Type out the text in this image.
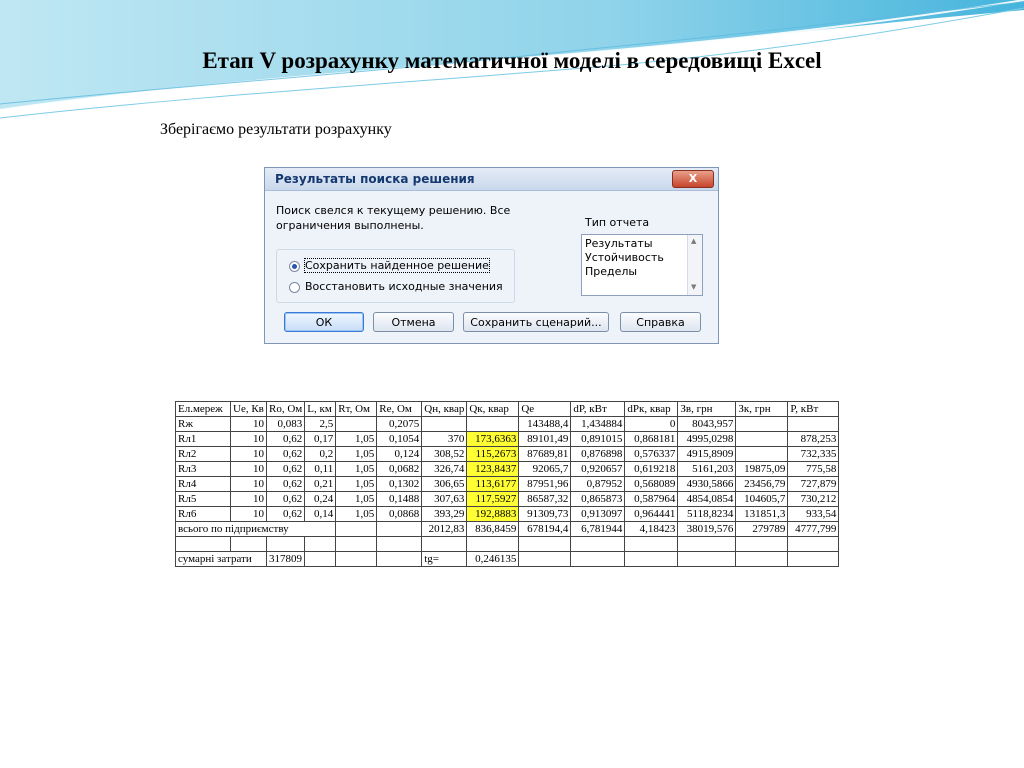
Етап V розрахунку математичної моделі в середовищі Excel
Зберігаємо результати розрахунку
Результаты поиска решения	X
Поиск свелся к текущему решению. Все ограничения выполнены.	Тип отчета
Результаты
Устойчивость
Пределы
▲
▼
Сохранить найденное решение
Восстановить исходные значения
ОК	Отмена	Сохранить сценарий...	Справка
Ел.мереж	Ue, Кв	Ro, Ом	L, км	Rт, Ом	Re, Ом	Qн, квар	Qк, квар	Qe	dP, кВт	dPк, квар	Зв, грн	Зк, грн	P, кВт
Rж	10	0,083	2,5		0,2075			143488,4	1,434884	0	8043,957		
Rл1	10	0,62	0,17	1,05	0,1054	370	173,6363	89101,49	0,891015	0,868181	4995,0298		878,253
Rл2	10	0,62	0,2	1,05	0,124	308,52	115,2673	87689,81	0,876898	0,576337	4915,8909		732,335
Rл3	10	0,62	0,11	1,05	0,0682	326,74	123,8437	92065,7	0,920657	0,619218	5161,203	19875,09	775,58
Rл4	10	0,62	0,21	1,05	0,1302	306,65	113,6177	87951,96	0,87952	0,568089	4930,5866	23456,79	727,879
Rл5	10	0,62	0,24	1,05	0,1488	307,63	117,5927	86587,32	0,865873	0,587964	4854,0854	104605,7	730,212
Rл6	10	0,62	0,14	1,05	0,0868	393,29	192,8883	91309,73	0,913097	0,964441	5118,8234	131851,3	933,54
всього по підприємству						2012,83	836,8459	678194,4	6,781944	4,18423	38019,576	279789	4777,799

сумарні затрати		317809				tg=	0,246135						
